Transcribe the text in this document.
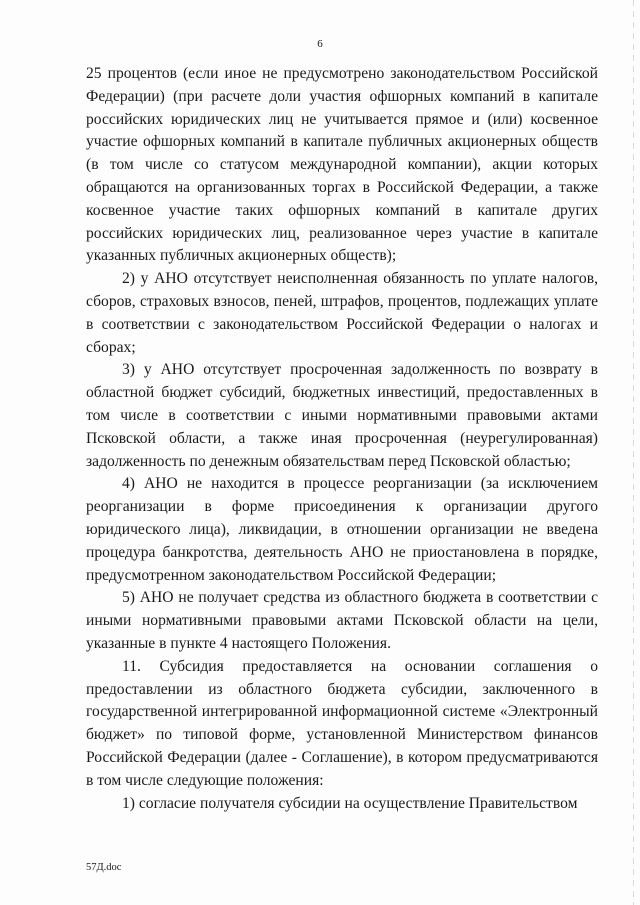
6

25 процентов (если иное не предусмотрено законодательством Российской Федерации) (при расчете доли участия офшорных компаний в капитале российских юридических лиц не учитывается прямое и (или) косвенное участие офшорных компаний в капитале публичных акционерных обществ (в том числе со статусом международной компании), акции которых обращаются на организованных торгах в Российской Федерации, а также косвенное участие таких офшорных компаний в капитале других российских юридических лиц, реализованное через участие в капитале указанных публичных акционерных обществ);

2) у АНО отсутствует неисполненная обязанность по уплате налогов, сборов, страховых взносов, пеней, штрафов, процентов, подлежащих уплате в соответствии с законодательством Российской Федерации о налогах и сборах;

3) у АНО отсутствует просроченная задолженность по возврату в областной бюджет субсидий, бюджетных инвестиций, предоставленных в том числе в соответствии с иными нормативными правовыми актами Псковской области, а также иная просроченная (неурегулированная) задолженность по денежным обязательствам перед Псковской областью;

4) АНО не находится в процессе реорганизации (за исключением реорганизации в форме присоединения к организации другого юридического лица), ликвидации, в отношении организации не введена процедура банкротства, деятельность АНО не приостановлена в порядке, предусмотренном законодательством Российской Федерации;

5) АНО не получает средства из областного бюджета в соответствии с иными нормативными правовыми актами Псковской области на цели, указанные в пункте 4 настоящего Положения.

11. Субсидия предоставляется на основании соглашения о предоставлении из областного бюджета субсидии, заключенного в государственной интегрированной информационной системе «Электронный бюджет» по типовой форме, установленной Министерством финансов Российской Федерации (далее - Соглашение), в котором предусматриваются в том числе следующие положения:

1) согласие получателя субсидии на осуществление Правительством

57Д.doc
